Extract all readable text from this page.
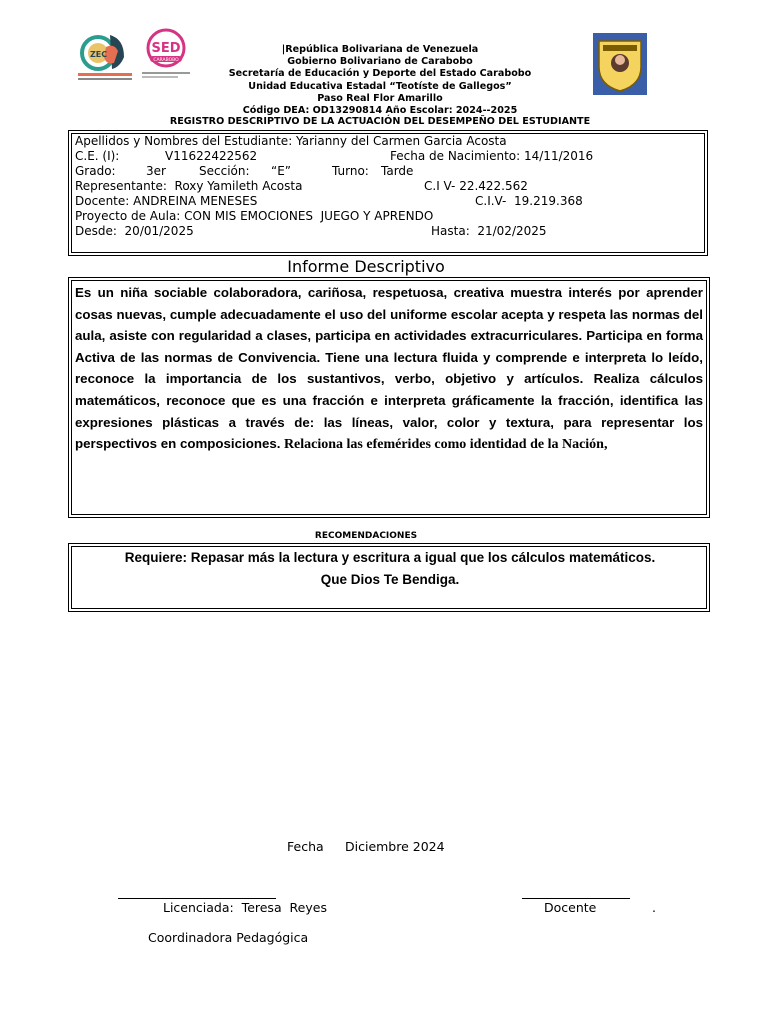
ZEC	SED
CARABOBO
|República Bolivariana de Venezuela
Gobierno Bolivariano de Carabobo
Secretaría de Educación y Deporte del Estado Carabobo
Unidad Educativa Estadal “Teotíste de Gallegos”
Paso Real Flor Amarillo
Código DEA: OD13290814 Año Escolar: 2024--2025
REGISTRO DESCRIPTIVO DE LA ACTUACIÓN DEL DESEMPEÑO DEL ESTUDIANTE
Apellidos y Nombres del Estudiante: Yarianny del Carmen Garcia Acosta
C.E. (I):	V11622422562	Fecha de Nacimiento: 14/11/2016
Grado:	3er	Sección: “E”	Turno: Tarde
Representante:  Roxy Yamileth Acosta	C.I V- 22.422.562
Docente: ANDREINA MENESES	C.I.V-  19.219.368
Proyecto de Aula: CON MIS EMOCIONES  JUEGO Y APRENDO
Desde:  20/01/2025	Hasta:  21/02/2025
Informe Descriptivo
Es un niña sociable colaboradora, cariñosa, respetuosa, creativa muestra interés por aprender cosas nuevas, cumple adecuadamente el uso del uniforme escolar acepta y respeta las normas del aula, asiste con regularidad a clases, participa en actividades extracurriculares. Participa en forma Activa de las normas de Convivencia. Tiene una lectura fluida y comprende e interpreta lo leído, reconoce la importancia de los sustantivos, verbo, objetivo y artículos. Realiza cálculos matemáticos, reconoce que es una fracción e interpreta gráficamente la fracción, identifica las expresiones plásticas a través de: las líneas, valor, color y textura, para representar los perspectivos en composiciones. Relaciona las efemérides como identidad de la Nación,
RECOMENDACIONES
Requiere: Repasar más la lectura y escritura a igual que los cálculos matemáticos.
Que Dios Te Bendiga.
Fecha Diciembre 2024
Licenciada:  Teresa  Reyes	Docente	.
Coordinadora Pedagógica
